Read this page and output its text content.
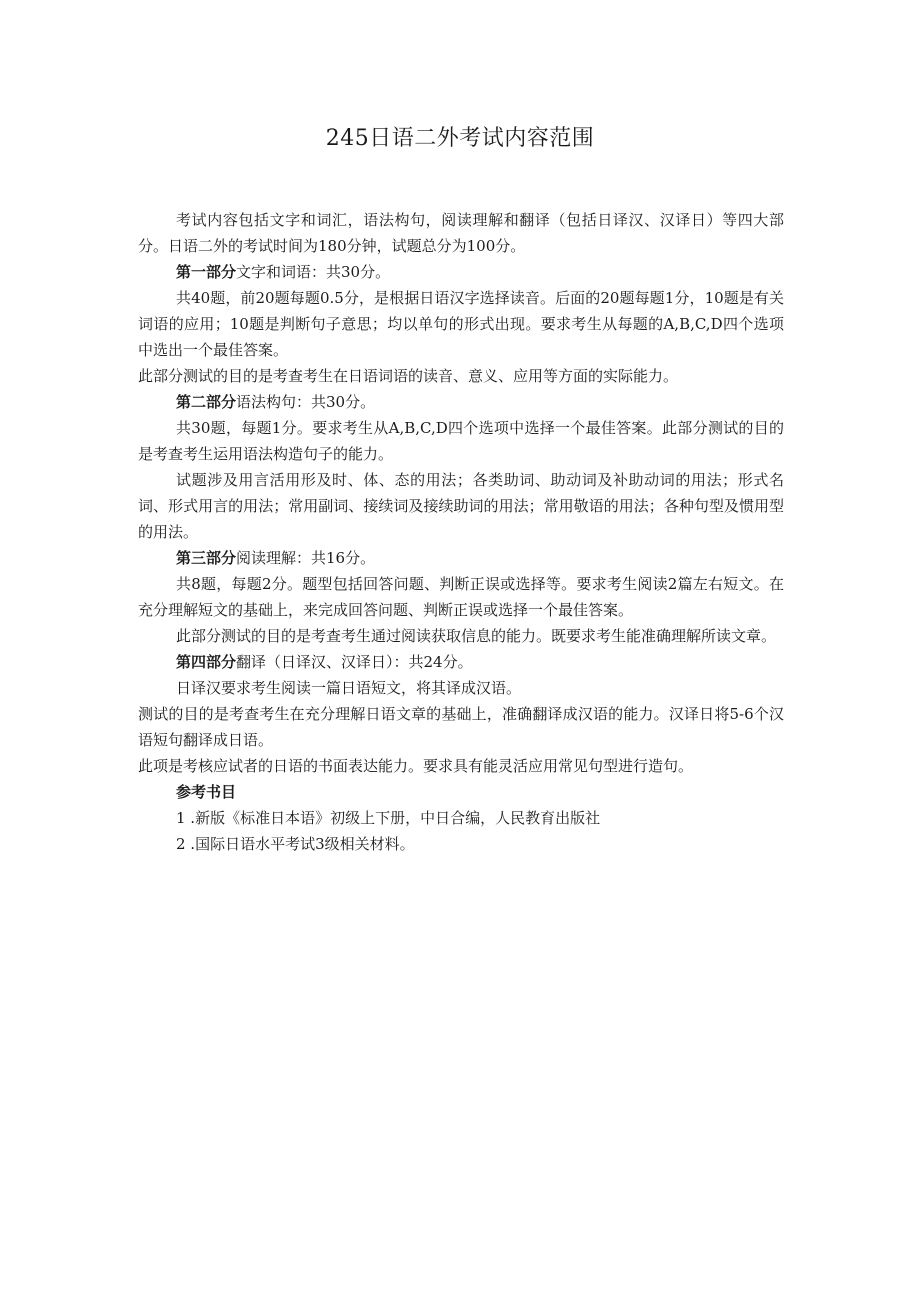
245日语二外考试内容范围

考试内容包括文字和词汇，语法构句，阅读理解和翻译（包括日译汉、汉译日）等四大部分。日语二外的考试时间为180分钟，试题总分为100分。

第一部分文字和词语：共30分。

共40题，前20题每题0.5分，是根据日语汉字选择读音。后面的20题每题1分，10题是有关词语的应用；10题是判断句子意思；均以单句的形式出现。要求考生从每题的A,B,C,D四个选项中选出一个最佳答案。

此部分测试的目的是考查考生在日语词语的读音、意义、应用等方面的实际能力。

第二部分语法构句：共30分。

共30题，每题1分。要求考生从A,B,C,D四个选项中选择一个最佳答案。此部分测试的目的是考查考生运用语法构造句子的能力。

试题涉及用言活用形及时、体、态的用法；各类助词、助动词及补助动词的用法；形式名词、形式用言的用法；常用副词、接续词及接续助词的用法；常用敬语的用法；各种句型及惯用型的用法。

第三部分阅读理解：共16分。

共8题，每题2分。题型包括回答问题、判断正误或选择等。要求考生阅读2篇左右短文。在充分理解短文的基础上，来完成回答问题、判断正误或选择一个最佳答案。

此部分测试的目的是考查考生通过阅读获取信息的能力。既要求考生能准确理解所读文章。

第四部分翻译（日译汉、汉译日）：共24分。

日译汉要求考生阅读一篇日语短文，将其译成汉语。

测试的目的是考查考生在充分理解日语文章的基础上，准确翻译成汉语的能力。汉译日将5-6个汉语短句翻译成日语。

此项是考核应试者的日语的书面表达能力。要求具有能灵活应用常见句型进行造句。

参考书目

1 .新版《标准日本语》初级上下册，中日合编，人民教育出版社

2 .国际日语水平考试3级相关材料。
